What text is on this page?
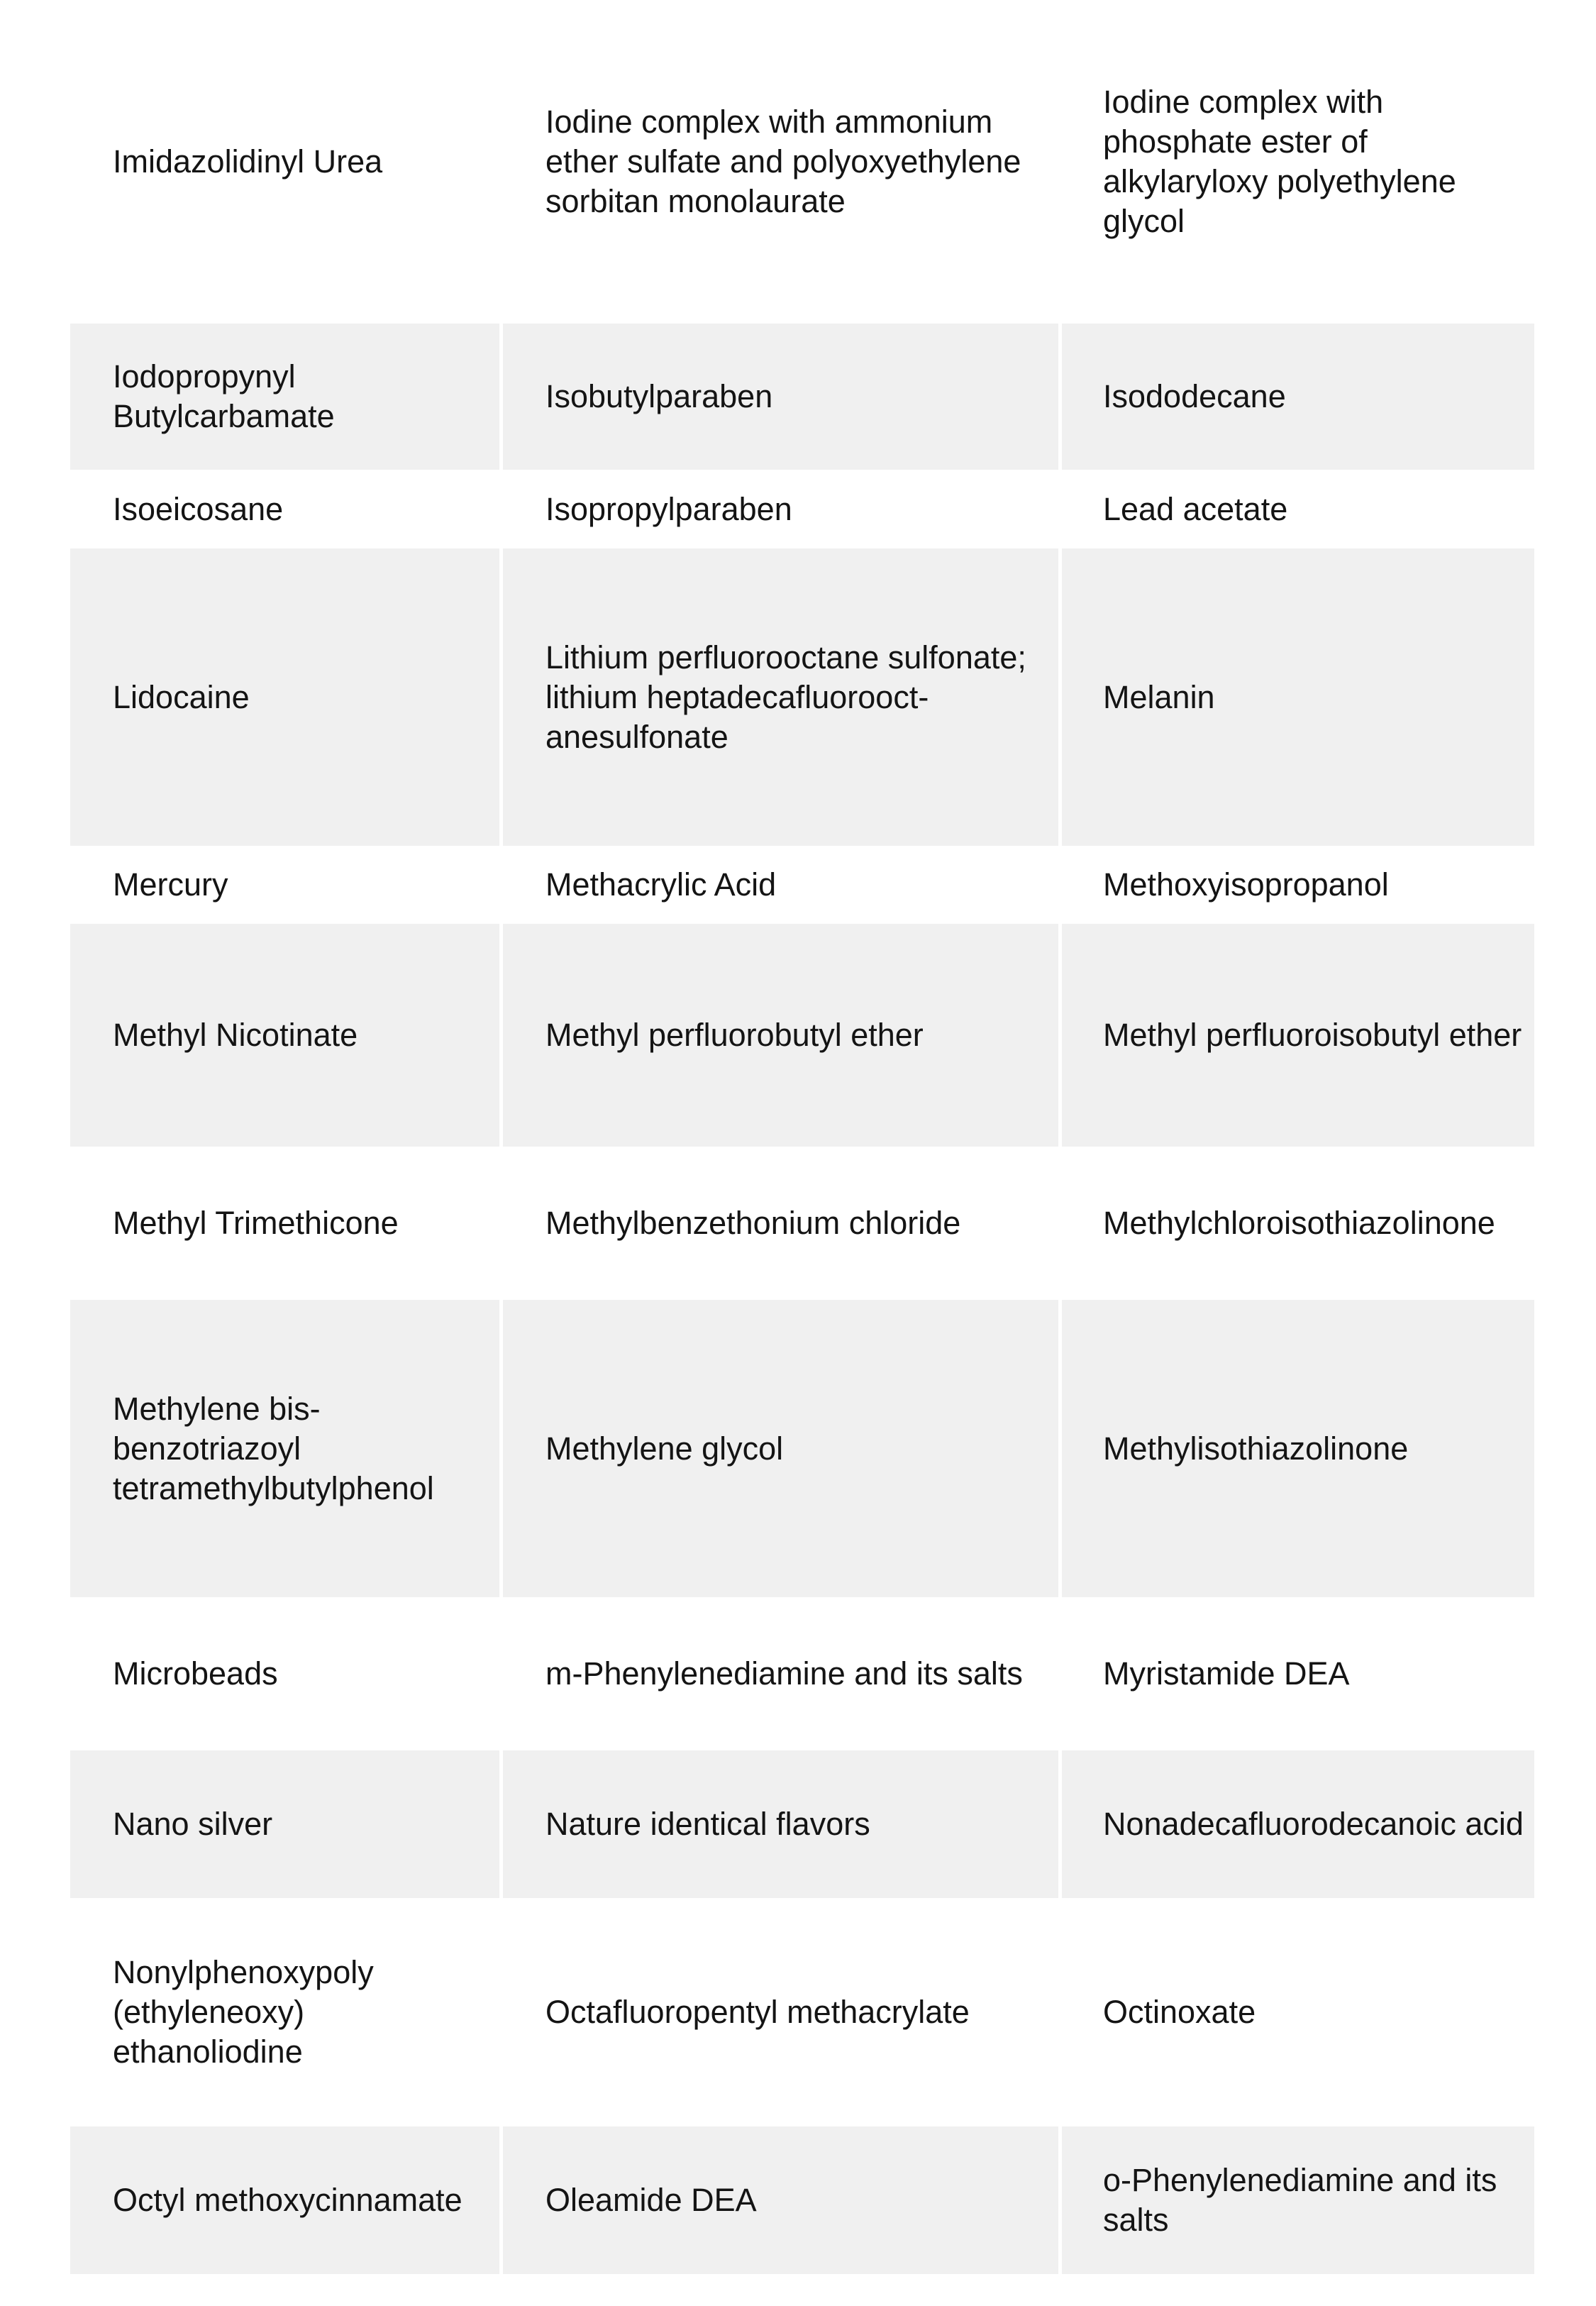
Imidazolidinyl Urea	Iodine complex with ammonium ether sulfate and polyoxyethylene sorbitan monolaurate	Iodine complex with phosphate ester of alkylaryloxy polyethylene glycol
Iodopropynyl Butylcarbamate	Isobutylparaben	Isododecane
Isoeicosane	Isopropylparaben	Lead acetate
Lidocaine	Lithium perfluorooctane sulfonate; lithium heptadecafluorooct-anesulfonate	Melanin
Mercury	Methacrylic Acid	Methoxyisopropanol
Methyl Nicotinate	Methyl perfluorobutyl ether	Methyl perfluoroisobutyl ether
Methyl Trimethicone	Methylbenzethonium chloride	Methylchloroisothiazolinone
Methylene bis-benzotriazoyl tetramethylbutylphenol	Methylene glycol	Methylisothiazolinone
Microbeads	m-Phenylenediamine and its salts	Myristamide DEA
Nano silver	Nature identical flavors	Nonadecafluorodecanoic acid
Nonylphenoxypoly (ethyleneoxy) ethanoliodine	Octafluoropentyl methacrylate	Octinoxate
Octyl methoxycinnamate	Oleamide DEA	o-Phenylenediamine and its salts
